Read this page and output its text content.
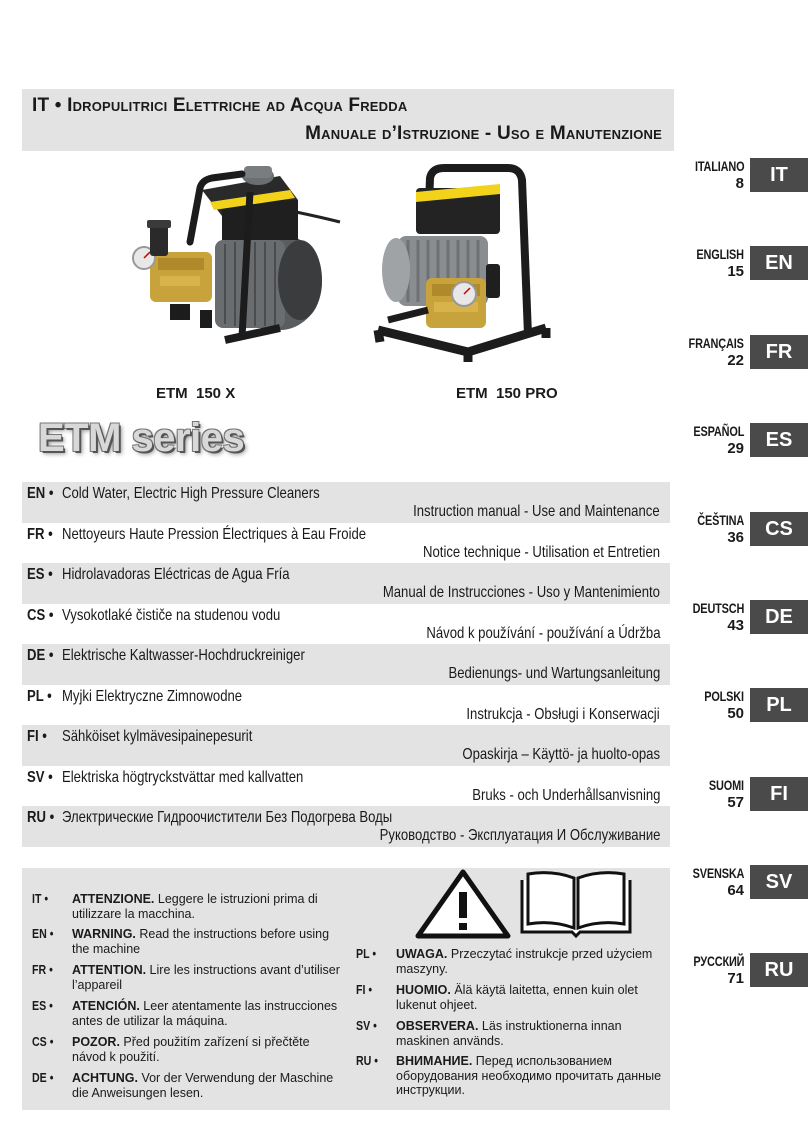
IT • Idropulitrici Elettriche ad Acqua Fredda
Manuale d’Istruzione - Uso e Manutenzione
ETM  150 X	ETM  150 PRO
ETM series
ITALIANO
8	IT
ENGLISH
15	EN
FRANÇAIS
22	FR
ESPAÑOL
29	ES
ČEŠTINA
36	CS
DEUTSCH
43	DE
POLSKI
50	PL
SUOMI
57	FI
SVENSKA
64	SV
РУССКИЙ
71	RU
EN • Cold Water, Electric High Pressure Cleaners
Instruction manual - Use and Maintenance
FR • Nettoyeurs Haute Pression Électriques à Eau Froide
Notice technique - Utilisation et Entretien
ES • Hidrolavadoras Eléctricas de Agua Fría
Manual de Instrucciones - Uso y Mantenimiento
CS • Vysokotlaké čističe na studenou vodu
Návod k používání - používání a Údržba
DE • Elektrische Kaltwasser-Hochdruckreiniger
Bedienungs- und Wartungsanleitung
PL • Myjki Elektryczne Zimnowodne
Instrukcja - Obsługi i Konserwacji
FI • Sähköiset kylmävesipainepesurit
Opaskirja – Käyttö- ja huolto-opas
SV • Elektriska högtryckstvättar med kallvatten
Bruks - och Underhållsanvisning
RU • Электрические Гидроочистители Без Подогрева Воды
Руководство - Эксплуатация И Обслуживание
IT • ATTENZIONE. Leggere le istruzioni prima di utilizzare la macchina.
EN • WARNING. Read the instructions before using the machine
FR • ATTENTION. Lire les instructions avant d’utiliser l’appareil
ES • ATENCIÓN. Leer atentamente las instrucciones antes de utilizar la máquina.
CS • POZOR. Před použitím zařízení si přečtěte návod k použití.
DE • ACHTUNG. Vor der Verwendung der Maschine die Anweisungen lesen.
PL • UWAGA. Przeczytać instrukcje przed użyciem maszyny.
FI • HUOMIO. Älä käytä laitetta, ennen kuin olet lukenut ohjeet.
SV • OBSERVERA. Läs instruktionerna innan maskinen används.
RU • ВНИМАНИЕ. Перед использованием оборудования необходимо прочитать данные инструкции.
